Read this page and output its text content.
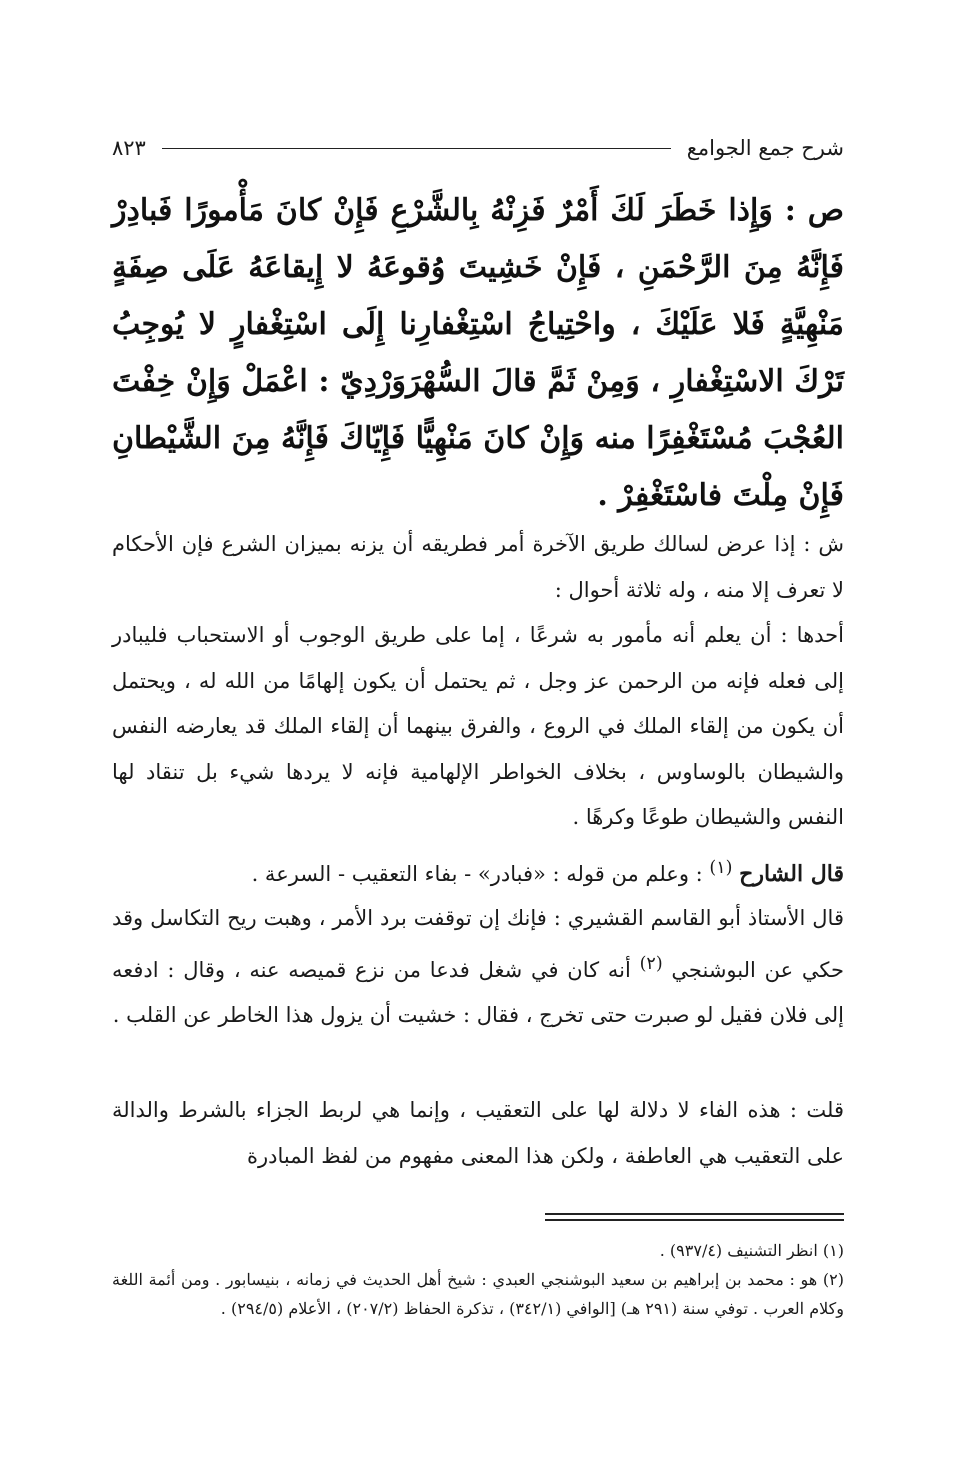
٨٢٣	شرح جمع الجوامع

ص : وَإِذا خَطَرَ لَكَ أَمْرٌ فَزِنْهُ بِالشَّرْعِ فَإِنْ كانَ مَأْمورًا فَبادِرْ فَإِنَّهُ مِنَ الرَّحْمَنِ ، فَإِنْ خَشِيتَ وُقوعَهُ لا إِيقاعَهُ عَلَى صِفَةٍ مَنْهِيَّةٍ فَلا عَلَيْكَ ، واحْتِياجُ اسْتِغْفارِنا إِلَى اسْتِغْفارٍ لا يُوجِبُ تَرْكَ الاسْتِغْفارِ ، وَمِنْ ثَمَّ قالَ السُّهْرَوَرْدِيّ : اعْمَلْ وَإِنْ خِفْتَ العُجْبَ مُسْتَغْفِرًا منه وَإِنْ كانَ مَنْهِيًّا فَإِيّاكَ فَإِنَّهُ مِنَ الشَّيْطانِ فَإِنْ مِلْتَ فاسْتَغْفِرْ .

ش : إذا عرض لسالك طريق الآخرة أمر فطريقه أن يزنه بميزان الشرع فإن الأحكام لا تعرف إلا منه ، وله ثلاثة أحوال :

أحدها : أن يعلم أنه مأمور به شرعًا ، إما على طريق الوجوب أو الاستحباب فليبادر إلى فعله فإنه من الرحمن عز وجل ، ثم يحتمل أن يكون إلهامًا من الله له ، ويحتمل أن يكون من إلقاء الملك في الروع ، والفرق بينهما أن إلقاء الملك قد يعارضه النفس والشيطان بالوساوس ، بخلاف الخواطر الإلهامية فإنه لا يردها شيء بل تنقاد لها النفس والشيطان طوعًا وكرهًا .

قال الشارح $^{(١)}$ : وعلم من قوله : «فبادر» - بفاء التعقيب - السرعة .

قال الأستاذ أبو القاسم القشيري : فإنك إن توقفت برد الأمر ، وهبت ريح التكاسل وقد حكي عن البوشنجي $^{(٢)}$ أنه كان في شغل فدعا من نزع قميصه عنه ، وقال : ادفعه إلى فلان فقيل لو صبرت حتى تخرج ، فقال : خشيت أن يزول هذا الخاطر عن القلب .

قلت : هذه الفاء لا دلالة لها على التعقيب ، وإنما هي لربط الجزاء بالشرط والدالة على التعقيب هي العاطفة ، ولكن هذا المعنى مفهوم من لفظ المبادرة

(١) انظر التشنيف (٩٣٧/٤) .

(٢) هو : محمد بن إبراهيم بن سعيد البوشنجي العبدي : شيخ أهل الحديث في زمانه ، بنيسابور . ومن أئمة اللغة وكلام العرب . توفي سنة (٢٩١ هـ) [الوافي (٣٤٢/١) ، تذكرة الحفاظ (٢٠٧/٢) ، الأعلام (٢٩٤/٥) .
